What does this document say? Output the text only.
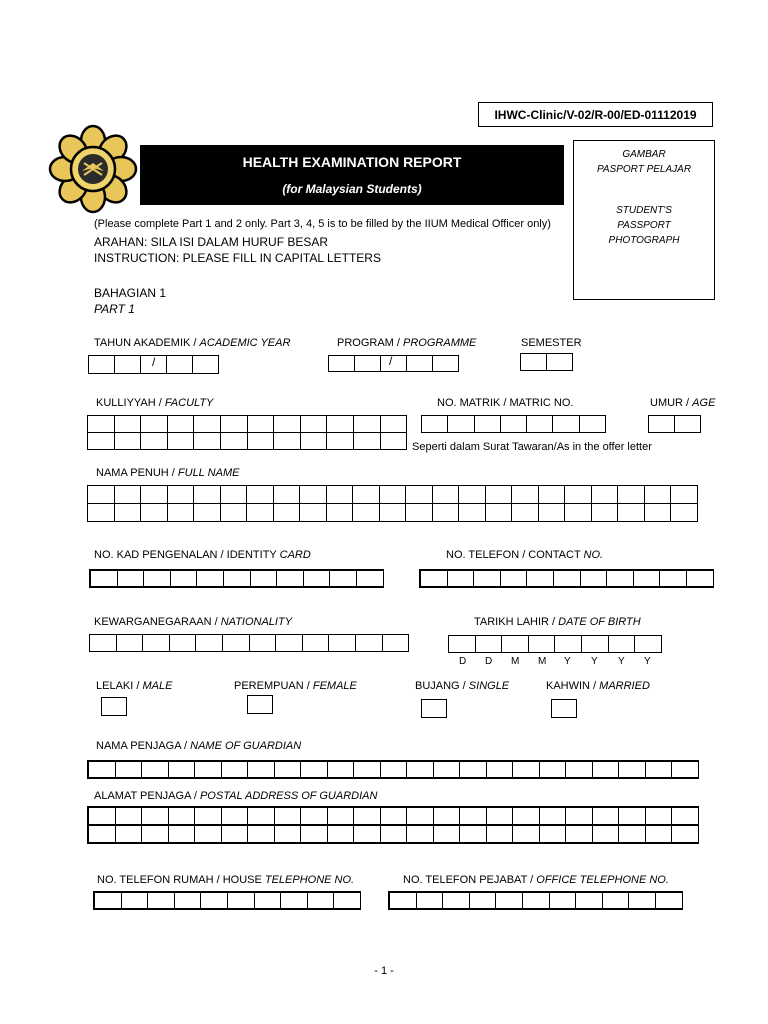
IHWC-Clinic/V-02/R-00/ED-01112019
HEALTH EXAMINATION REPORT
(for Malaysian Students)
GAMBAR
PASPORT PELAJAR
STUDENT'S
PASSPORT
PHOTOGRAPH
(Please complete Part 1 and 2 only. Part 3, 4, 5 is to be filled by the IIUM Medical Officer only)
ARAHAN: SILA ISI DALAM HURUF BESAR
INSTRUCTION: PLEASE FILL IN CAPITAL LETTERS
BAHAGIAN 1
PART 1
TAHUN AKADEMIK / ACADEMIC YEAR
/
PROGRAM / PROGRAMME
/
SEMESTER
KULLIYYAH / FACULTY	NO. MATRIK / MATRIC NO.
Seperti dalam Surat Tawaran/As in the offer letter
UMUR / AGE
NAMA PENUH / FULL NAME
NO. KAD PENGENALAN / IDENTITY CARD	NO. TELEFON / CONTACT NO.
KEWARGANEGARAAN / NATIONALITY	TARIKH LAHIR / DATE OF BIRTH
D D M M Y Y Y Y
LELAKI / MALE	PEREMPUAN / FEMALE	BUJANG / SINGLE	KAHWIN / MARRIED
NAMA PENJAGA / NAME OF GUARDIAN
ALAMAT PENJAGA / POSTAL ADDRESS OF GUARDIAN
NO. TELEFON RUMAH / HOUSE TELEPHONE NO.	NO. TELEFON PEJABAT / OFFICE TELEPHONE NO.
- 1 -
